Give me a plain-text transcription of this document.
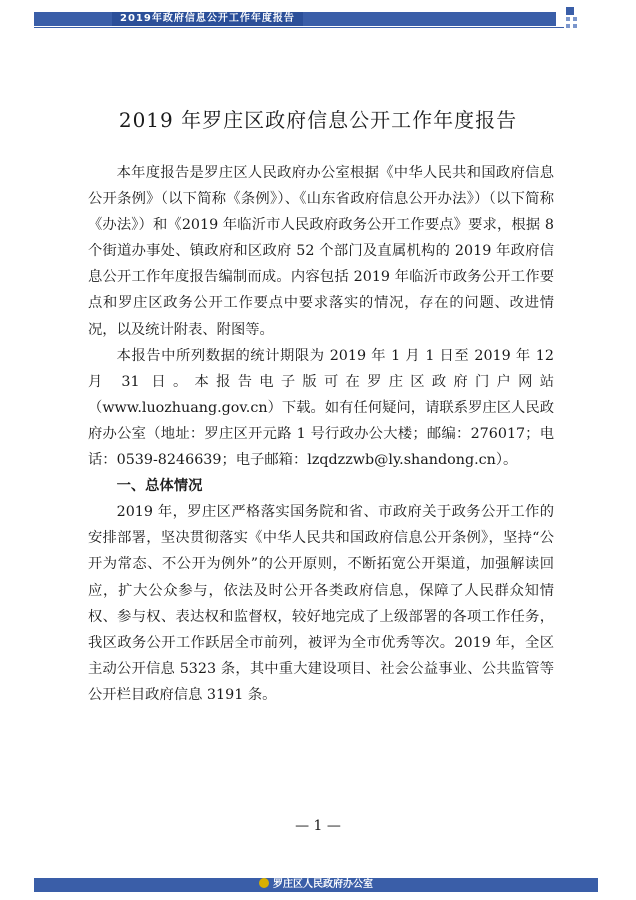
2019年政府信息公开工作年度报告
2019 年罗庄区政府信息公开工作年度报告

本年度报告是罗庄区人民政府办公室根据《中华人民共和国政府信息公开条例》（以下简称《条例》）、《山东省政府信息公开办法》）（以下简称《办法》）和《2019 年临沂市人民政府政务公开工作要点》要求，根据 8 个街道办事处、镇政府和区政府 52 个部门及直属机构的 2019 年政府信息公开工作年度报告编制而成。内容包括 2019 年临沂市政务公开工作要点和罗庄区政务公开工作要点中要求落实的情况，存在的问题、改进情况，以及统计附表、附图等。

本报告中所列数据的统计期限为 2019 年 1 月 1 日至 2019 年 12 月 31 日。本报告电子版可在罗庄区政府门户网站（www.luozhuang.gov.cn）下载。如有任何疑问，请联系罗庄区人民政府办公室（地址：罗庄区开元路 1 号行政办公大楼；邮编：276017；电话：0539-8246639；电子邮箱：lzqdzzwb@ly.shandong.cn）。

一、总体情况

2019 年，罗庄区严格落实国务院和省、市政府关于政务公开工作的安排部署，坚决贯彻落实《中华人民共和国政府信息公开条例》，坚持“公开为常态、不公开为例外”的公开原则，不断拓宽公开渠道，加强解读回应，扩大公众参与，依法及时公开各类政府信息，保障了人民群众知情权、参与权、表达权和监督权，较好地完成了上级部署的各项工作任务，我区政务公开工作跃居全市前列，被评为全市优秀等次。2019 年，全区主动公开信息 5323 条，其中重大建设项目、社会公益事业、公共监管等公开栏目政府信息 3191 条。

— 1 —
罗庄区人民政府办公室
